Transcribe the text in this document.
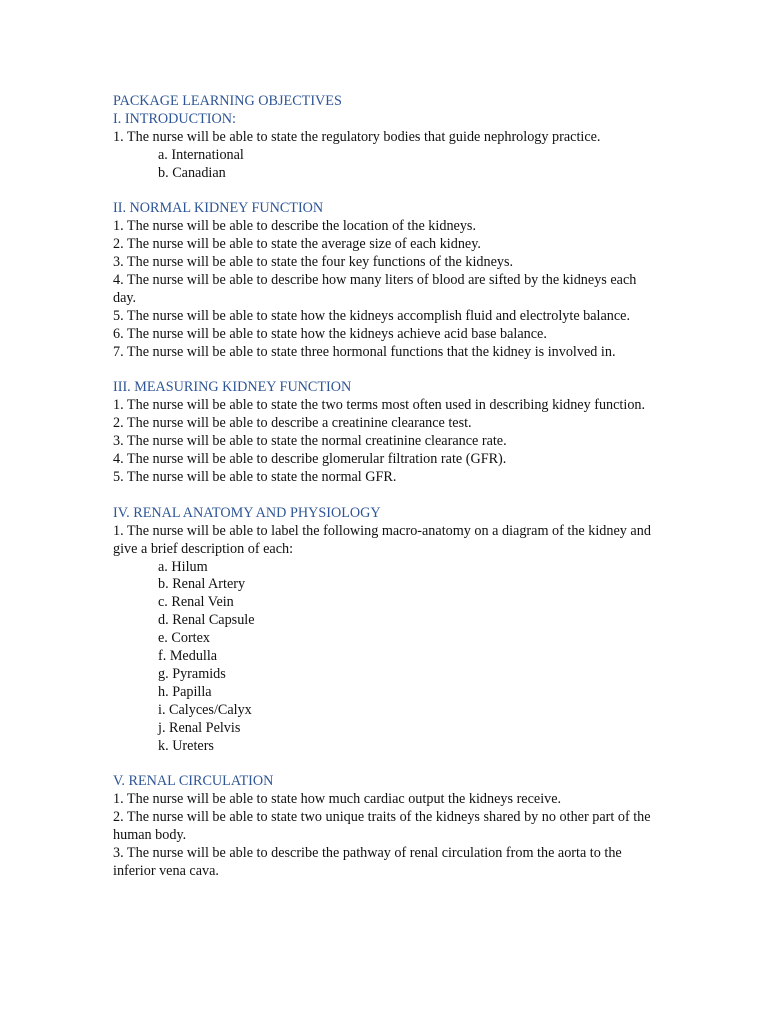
PACKAGE LEARNING OBJECTIVES
I. INTRODUCTION:
1. The nurse will be able to state the regulatory bodies that guide nephrology practice.
a. International
b. Canadian
II. NORMAL KIDNEY FUNCTION
1. The nurse will be able to describe the location of the kidneys.
2. The nurse will be able to state the average size of each kidney.
3. The nurse will be able to state the four key functions of the kidneys.
4. The nurse will be able to describe how many liters of blood are sifted by the kidneys each day.
5. The nurse will be able to state how the kidneys accomplish fluid and electrolyte balance.
6. The nurse will be able to state how the kidneys achieve acid base balance.
7. The nurse will be able to state three hormonal functions that the kidney is involved in.
III. MEASURING KIDNEY FUNCTION
1. The nurse will be able to state the two terms most often used in describing kidney function.
2. The nurse will be able to describe a creatinine clearance test.
3. The nurse will be able to state the normal creatinine clearance rate.
4. The nurse will be able to describe glomerular filtration rate (GFR).
5. The nurse will be able to state the normal GFR.
IV. RENAL ANATOMY AND PHYSIOLOGY
1. The nurse will be able to label the following macro-anatomy on a diagram of the kidney and give a brief description of each:
a. Hilum
b. Renal Artery
c. Renal Vein
d. Renal Capsule
e. Cortex
f. Medulla
g. Pyramids
h. Papilla
i. Calyces/Calyx
j. Renal Pelvis
k. Ureters
V. RENAL CIRCULATION
1. The nurse will be able to state how much cardiac output the kidneys receive.
2. The nurse will be able to state two unique traits of the kidneys shared by no other part of the human body.
3. The nurse will be able to describe the pathway of renal circulation from the aorta to the inferior vena cava.
